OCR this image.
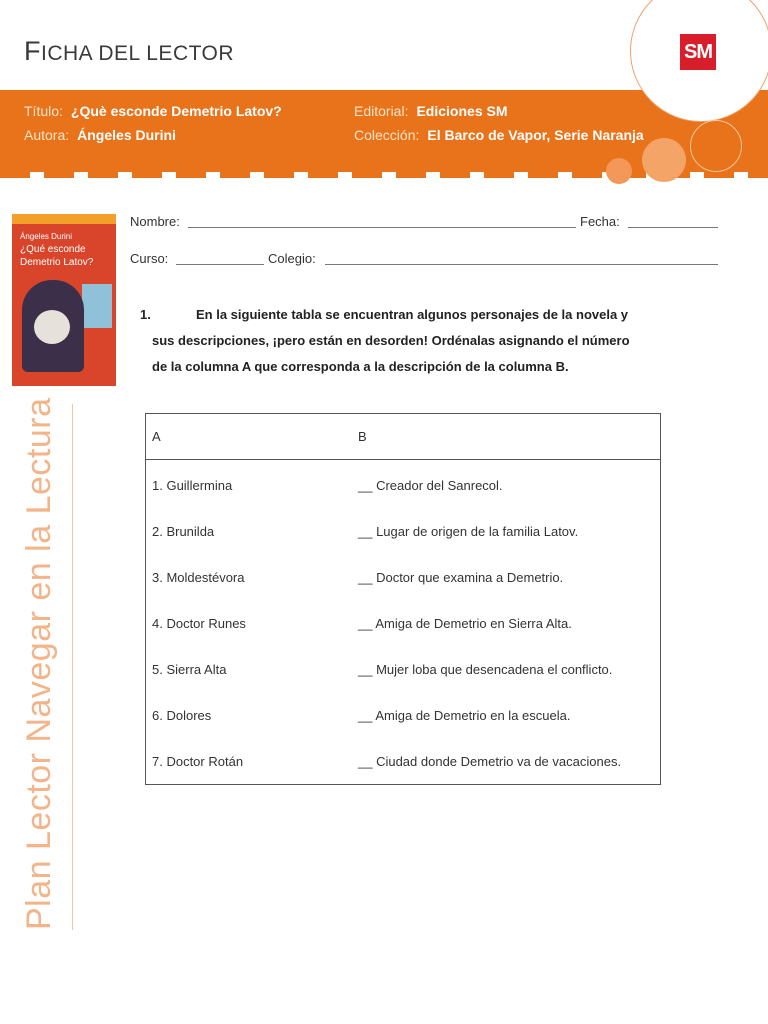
FICHA DEL LECTOR	SM
Título: ¿Què esconde Demetrio Latov?
Autora: Ángeles Durini
Editorial: Ediciones SM
Colección: El Barco de Vapor, Serie Naranja
Ángeles Durini
¿Qué esconde Demetrio Latov?
Nombre:	Fecha:
Curso:	Colegio:
1.	En la siguiente tabla se encuentran algunos personajes de la novela y

sus descripciones, ¡pero están en desorden! Ordénalas asignando el número

de la columna A que corresponda a la descripción de la columna B.

A	B
1. Guillermina	__ Creador del Sanrecol.
2. Brunilda	__ Lugar de origen de la familia Latov.
3. Moldestévora	__ Doctor que examina a Demetrio.
4. Doctor Runes	__ Amiga de Demetrio en Sierra Alta.
5. Sierra Alta	__ Mujer loba que desencadena el conflicto.
6. Dolores	__ Amiga de Demetrio en la escuela.
7. Doctor Rotán	__ Ciudad donde Demetrio va de vacaciones.
Plan Lector Navegar en la Lectura
